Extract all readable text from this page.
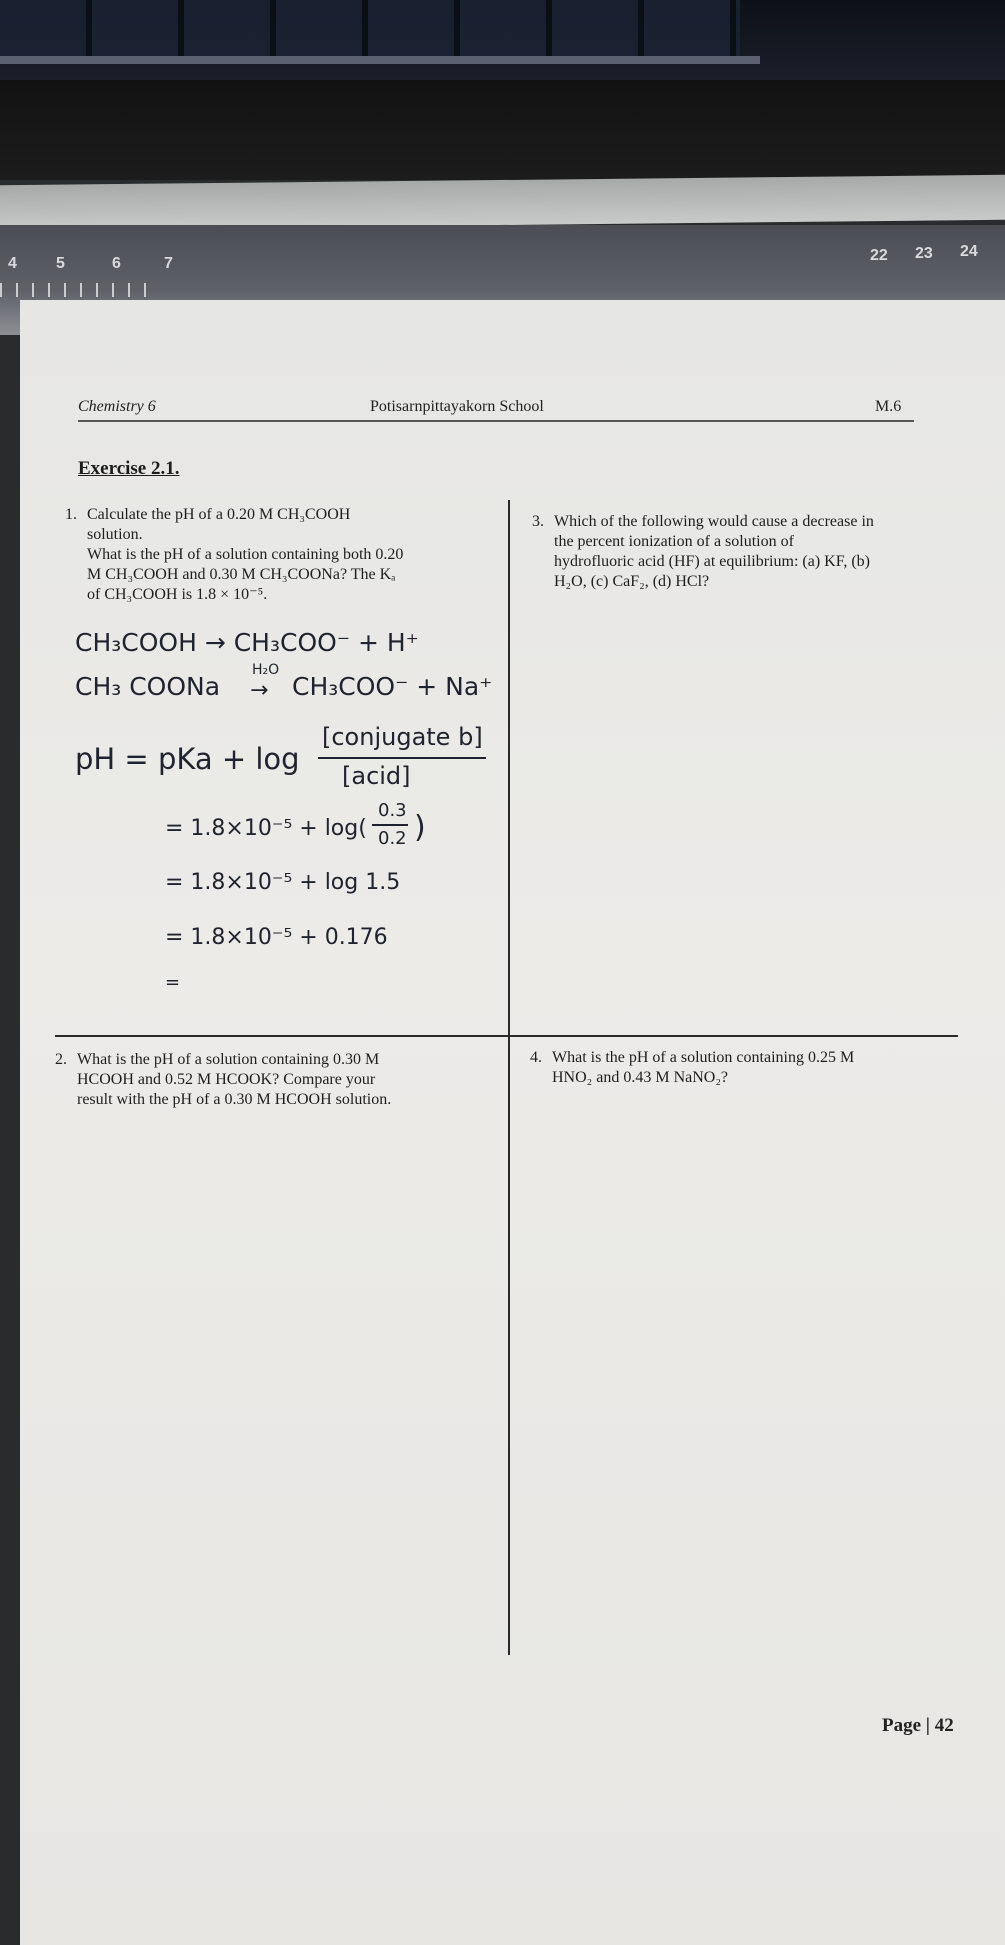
4 5	6	7	22 23 24
Chemistry 6	Potisarnpittayakorn School	M.6
Exercise 2.1.
1. Calculate the pH of a 0.20 M CH₃COOH
solution.
What is the pH of a solution containing both 0.20
M CH₃COOH and 0.30 M CH₃COONa? The Kₐ
of CH₃COOH is 1.8 × 10⁻⁵.
3. Which of the following would cause a decrease in
the percent ionization of a solution of
hydrofluoric acid (HF) at equilibrium: (a) KF, (b)
H₂O, (c) CaF₂, (d) HCl?
CH₃COOH → CH₃COO⁻ + H⁺
CH₃ COONa
H₂O
→ CH₃COO⁻ + Na⁺
pH = pKa + log
[conjugate b]
[acid]
= 1.8×10⁻⁵ + log(
0.3
0.2 )
= 1.8×10⁻⁵ + log 1.5
= 1.8×10⁻⁵ + 0.176
=
2. What is the pH of a solution containing 0.30 M
HCOOH and 0.52 M HCOOK? Compare your
result with the pH of a 0.30 M HCOOH solution.
4. What is the pH of a solution containing 0.25 M
HNO₂ and 0.43 M NaNO₂?
Page | 42
